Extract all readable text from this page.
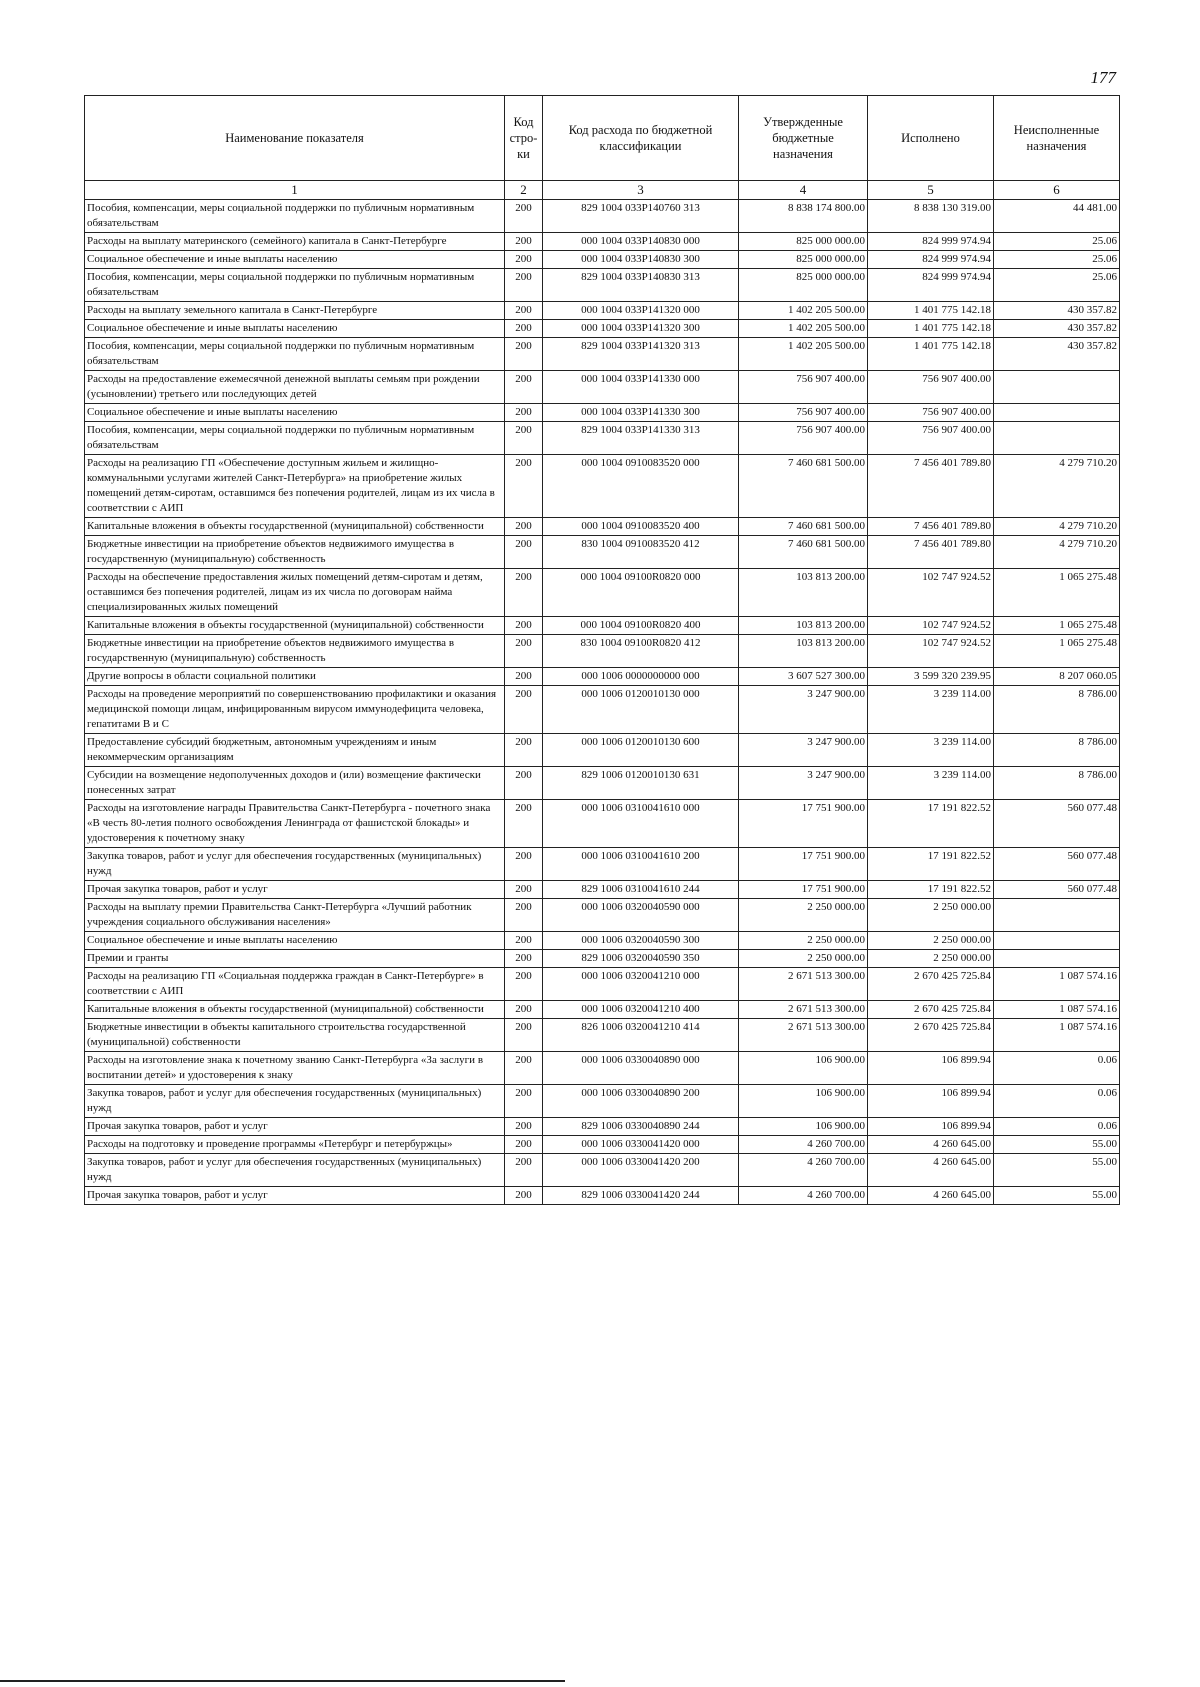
177
Наименование показателя	Код стро-ки	Код расхода по бюджетной классификации	Утвержденные бюджетные назначения	Исполнено	Неисполненные назначения
1	2	3	4	5	6
Пособия, компенсации, меры социальной поддержки по публичным нормативным обязательствам	200	829 1004 033Р140760 313	8 838 174 800.00	8 838 130 319.00	44 481.00
Расходы на выплату материнского (семейного) капитала в Санкт-Петербурге	200	000 1004 033Р140830 000	825 000 000.00	824 999 974.94	25.06
Социальное обеспечение и иные выплаты населению	200	000 1004 033Р140830 300	825 000 000.00	824 999 974.94	25.06
Пособия, компенсации, меры социальной поддержки по публичным нормативным обязательствам	200	829 1004 033Р140830 313	825 000 000.00	824 999 974.94	25.06
Расходы на выплату земельного капитала в Санкт-Петербурге	200	000 1004 033Р141320 000	1 402 205 500.00	1 401 775 142.18	430 357.82
Социальное обеспечение и иные выплаты населению	200	000 1004 033Р141320 300	1 402 205 500.00	1 401 775 142.18	430 357.82
Пособия, компенсации, меры социальной поддержки по публичным нормативным обязательствам	200	829 1004 033Р141320 313	1 402 205 500.00	1 401 775 142.18	430 357.82
Расходы на предоставление ежемесячной денежной выплаты семьям при рождении (усыновлении) третьего или последующих детей	200	000 1004 033Р141330 000	756 907 400.00	756 907 400.00	
Социальное обеспечение и иные выплаты населению	200	000 1004 033Р141330 300	756 907 400.00	756 907 400.00	
Пособия, компенсации, меры социальной поддержки по публичным нормативным обязательствам	200	829 1004 033Р141330 313	756 907 400.00	756 907 400.00	
Расходы на реализацию ГП «Обеспечение доступным жильем и жилищно-коммунальными услугами жителей Санкт-Петербурга» на приобретение жилых помещений детям-сиротам, оставшимся без попечения родителей, лицам из их числа в соответствии с АИП	200	000 1004 0910083520 000	7 460 681 500.00	7 456 401 789.80	4 279 710.20
Капитальные вложения в объекты государственной (муниципальной) собственности	200	000 1004 0910083520 400	7 460 681 500.00	7 456 401 789.80	4 279 710.20
Бюджетные инвестиции на приобретение объектов недвижимого имущества в государственную (муниципальную) собственность	200	830 1004 0910083520 412	7 460 681 500.00	7 456 401 789.80	4 279 710.20
Расходы на обеспечение предоставления жилых помещений детям-сиротам и детям, оставшимся без попечения родителей, лицам из их числа по договорам найма специализированных жилых помещений	200	000 1004 09100R0820 000	103 813 200.00	102 747 924.52	1 065 275.48
Капитальные вложения в объекты государственной (муниципальной) собственности	200	000 1004 09100R0820 400	103 813 200.00	102 747 924.52	1 065 275.48
Бюджетные инвестиции на приобретение объектов недвижимого имущества в государственную (муниципальную) собственность	200	830 1004 09100R0820 412	103 813 200.00	102 747 924.52	1 065 275.48
Другие вопросы в области социальной политики	200	000 1006 0000000000 000	3 607 527 300.00	3 599 320 239.95	8 207 060.05
Расходы на проведение мероприятий по совершенствованию профилактики и оказания медицинской помощи лицам, инфицированным вирусом иммунодефицита человека, гепатитами В и С	200	000 1006 0120010130 000	3 247 900.00	3 239 114.00	8 786.00
Предоставление субсидий бюджетным, автономным учреждениям и иным некоммерческим организациям	200	000 1006 0120010130 600	3 247 900.00	3 239 114.00	8 786.00
Субсидии на возмещение недополученных доходов и (или) возмещение фактически понесенных затрат	200	829 1006 0120010130 631	3 247 900.00	3 239 114.00	8 786.00
Расходы на изготовление награды Правительства Санкт-Петербурга - почетного знака «В честь 80-летия полного освобождения Ленинграда от фашистской блокады» и удостоверения к почетному знаку	200	000 1006 0310041610 000	17 751 900.00	17 191 822.52	560 077.48
Закупка товаров, работ и услуг для обеспечения государственных (муниципальных) нужд	200	000 1006 0310041610 200	17 751 900.00	17 191 822.52	560 077.48
Прочая закупка товаров, работ и услуг	200	829 1006 0310041610 244	17 751 900.00	17 191 822.52	560 077.48
Расходы на выплату премии Правительства Санкт-Петербурга «Лучший работник учреждения социального обслуживания населения»	200	000 1006 0320040590 000	2 250 000.00	2 250 000.00	
Социальное обеспечение и иные выплаты населению	200	000 1006 0320040590 300	2 250 000.00	2 250 000.00	
Премии и гранты	200	829 1006 0320040590 350	2 250 000.00	2 250 000.00	
Расходы на реализацию ГП «Социальная поддержка граждан в Санкт-Петербурге» в соответствии с АИП	200	000 1006 0320041210 000	2 671 513 300.00	2 670 425 725.84	1 087 574.16
Капитальные вложения в объекты государственной (муниципальной) собственности	200	000 1006 0320041210 400	2 671 513 300.00	2 670 425 725.84	1 087 574.16
Бюджетные инвестиции в объекты капитального строительства государственной (муниципальной) собственности	200	826 1006 0320041210 414	2 671 513 300.00	2 670 425 725.84	1 087 574.16
Расходы на изготовление знака к почетному званию Санкт-Петербурга «За заслуги в воспитании детей» и удостоверения к знаку	200	000 1006 0330040890 000	106 900.00	106 899.94	0.06
Закупка товаров, работ и услуг для обеспечения государственных (муниципальных) нужд	200	000 1006 0330040890 200	106 900.00	106 899.94	0.06
Прочая закупка товаров, работ и услуг	200	829 1006 0330040890 244	106 900.00	106 899.94	0.06
Расходы на подготовку и проведение программы «Петербург и петербуржцы»	200	000 1006 0330041420 000	4 260 700.00	4 260 645.00	55.00
Закупка товаров, работ и услуг для обеспечения государственных (муниципальных) нужд	200	000 1006 0330041420 200	4 260 700.00	4 260 645.00	55.00
Прочая закупка товаров, работ и услуг	200	829 1006 0330041420 244	4 260 700.00	4 260 645.00	55.00
